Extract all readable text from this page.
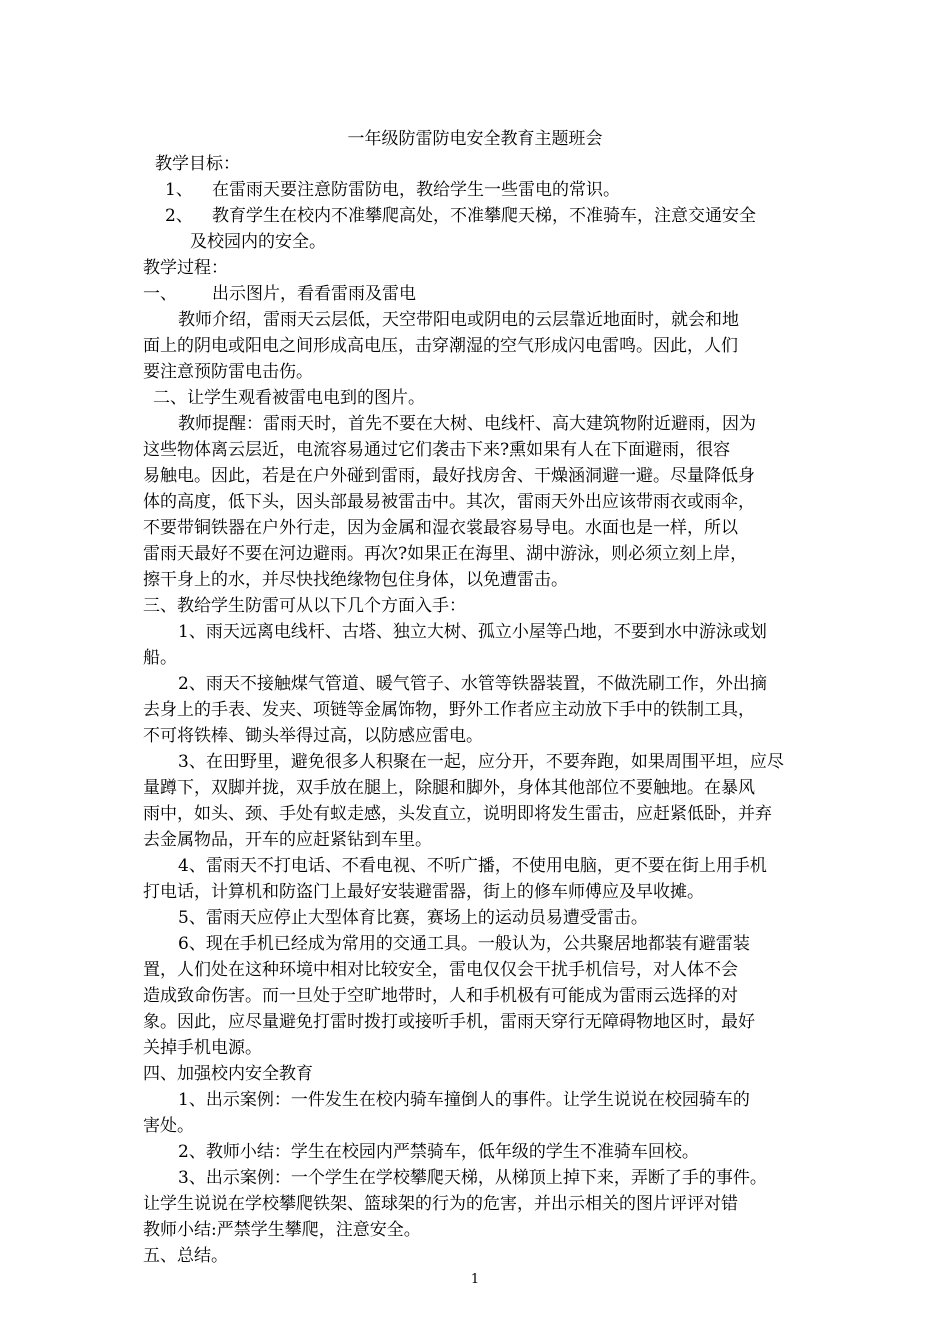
一年级防雷防电安全教育主题班会
教学目标：
1、 在雷雨天要注意防雷防电，教给学生一些雷电的常识。
2、 教育学生在校内不准攀爬高处，不准攀爬天梯，不准骑车，注意交通安全
及校园内的安全。
教学过程：
一、 出示图片，看看雷雨及雷电
教师介绍，雷雨天云层低，天空带阳电或阴电的云层靠近地面时，就会和地
面上的阴电或阳电之间形成高电压，击穿潮湿的空气形成闪电雷鸣。因此，人们
要注意预防雷电击伤。
二、让学生观看被雷电电到的图片。
教师提醒：雷雨天时，首先不要在大树、电线杆、高大建筑物附近避雨，因为
这些物体离云层近，电流容易通过它们袭击下来?熏如果有人在下面避雨，很容
易触电。因此，若是在户外碰到雷雨，最好找房舍、干燥涵洞避一避。尽量降低身
体的高度，低下头，因头部最易被雷击中。其次，雷雨天外出应该带雨衣或雨伞，
不要带铜铁器在户外行走，因为金属和湿衣裳最容易导电。水面也是一样，所以
雷雨天最好不要在河边避雨。再次?如果正在海里、湖中游泳，则必须立刻上岸，
擦干身上的水，并尽快找绝缘物包住身体，以免遭雷击。
三、教给学生防雷可从以下几个方面入手：
1、雨天远离电线杆、古塔、独立大树、孤立小屋等凸地，不要到水中游泳或划
船。
2、雨天不接触煤气管道、暖气管子、水管等铁器装置，不做洗刷工作，外出摘
去身上的手表、发夹、项链等金属饰物，野外工作者应主动放下手中的铁制工具，
不可将铁棒、锄头举得过高，以防感应雷电。
3、在田野里，避免很多人积聚在一起，应分开，不要奔跑，如果周围平坦，应尽
量蹲下，双脚并拢，双手放在腿上，除腿和脚外，身体其他部位不要触地。在暴风
雨中，如头、颈、手处有蚁走感，头发直立，说明即将发生雷击，应赶紧低卧，并弃
去金属物品，开车的应赶紧钻到车里。
4、雷雨天不打电话、不看电视、不听广播，不使用电脑，更不要在街上用手机
打电话，计算机和防盗门上最好安装避雷器，街上的修车师傅应及早收摊。
5、雷雨天应停止大型体育比赛，赛场上的运动员易遭受雷击。
6、现在手机已经成为常用的交通工具。一般认为，公共聚居地都装有避雷装
置，人们处在这种环境中相对比较安全，雷电仅仅会干扰手机信号，对人体不会
造成致命伤害。而一旦处于空旷地带时，人和手机极有可能成为雷雨云选择的对
象。因此，应尽量避免打雷时拨打或接听手机，雷雨天穿行无障碍物地区时，最好
关掉手机电源。
四、加强校内安全教育
1、出示案例：一件发生在校内骑车撞倒人的事件。让学生说说在校园骑车的
害处。
2、教师小结：学生在校园内严禁骑车，低年级的学生不准骑车回校。
3、出示案例：一个学生在学校攀爬天梯，从梯顶上掉下来，弄断了手的事件。
让学生说说在学校攀爬铁架、篮球架的行为的危害，并出示相关的图片评评对错
教师小结:严禁学生攀爬，注意安全。
五、总结。
1
